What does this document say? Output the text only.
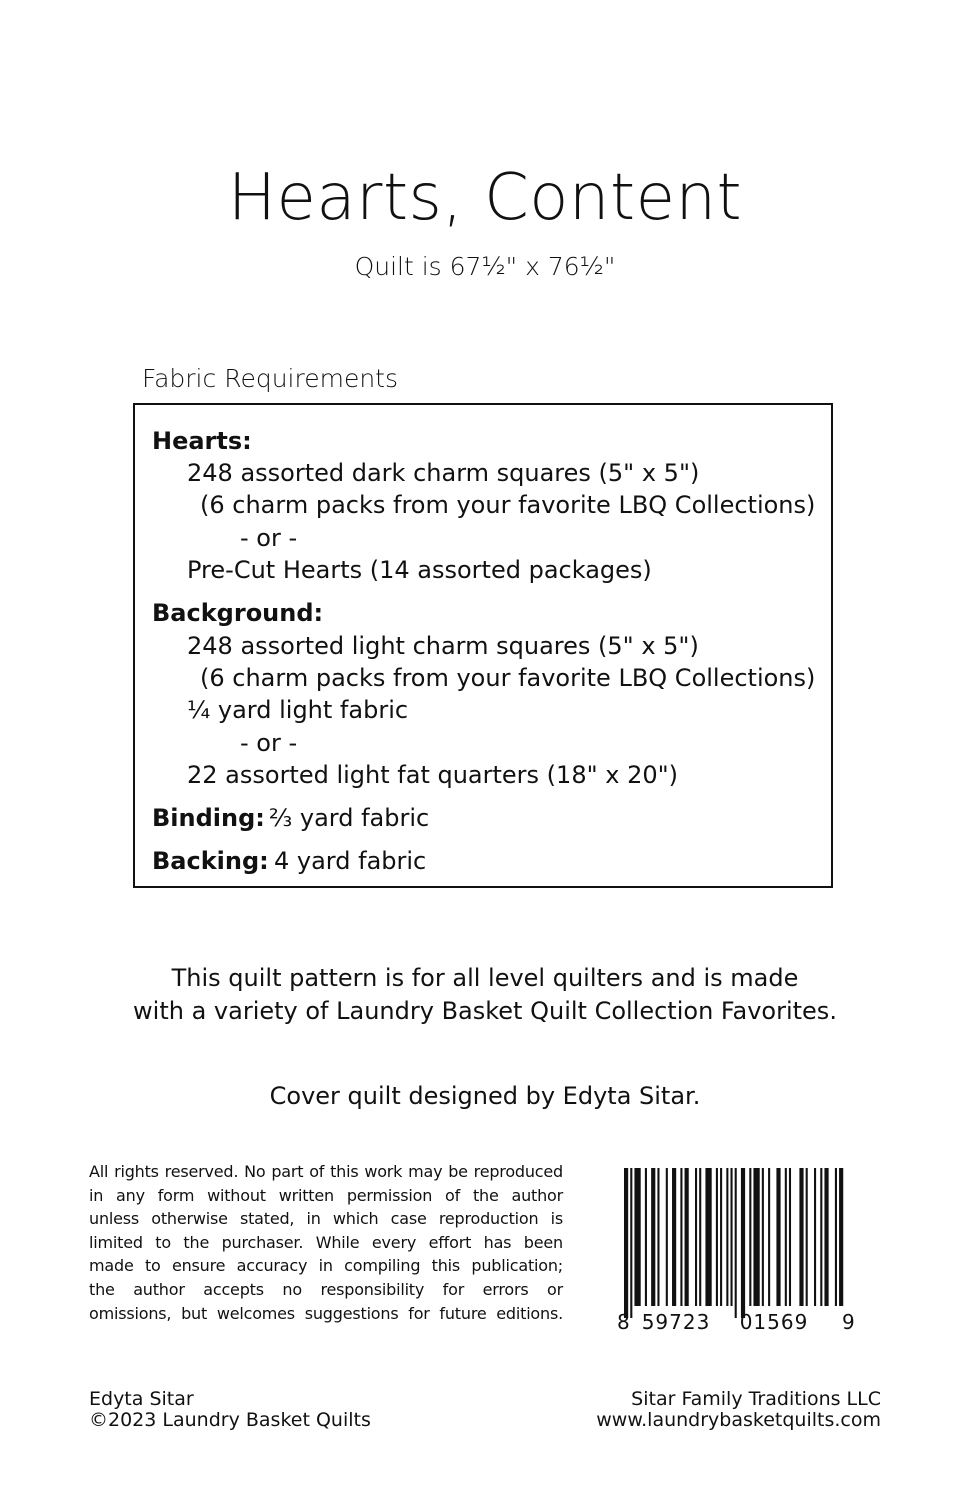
Hearts, Content
Quilt is 67½" x 76½"
Fabric Requirements
Hearts:
248 assorted dark charm squares (5" x 5")
(6 charm packs from your favorite LBQ Collections)
- or -
Pre-Cut Hearts (14 assorted packages)
Background:
248 assorted light charm squares (5" x 5")
(6 charm packs from your favorite LBQ Collections)
¼ yard light fabric
- or -
22 assorted light fat quarters (18" x 20")
Binding: ⅔ yard fabric
Backing: 4 yard fabric
This quilt pattern is for all level quilters and is made
with a variety of Laundry Basket Quilt Collection Favorites.
Cover quilt designed by Edyta Sitar.
All rights reserved. No part of this work may be reproduced
in any form without written permission of the author
unless otherwise stated, in which case reproduction is
limited to the purchaser. While every effort has been
made to ensure accuracy in compiling this publication;
the author accepts no responsibility for errors or
omissions, but welcomes suggestions for future editions.	8 59723	01569	9
Edyta Sitar
©2023 Laundry Basket Quilts
Sitar Family Traditions LLC
www.laundrybasketquilts.com
